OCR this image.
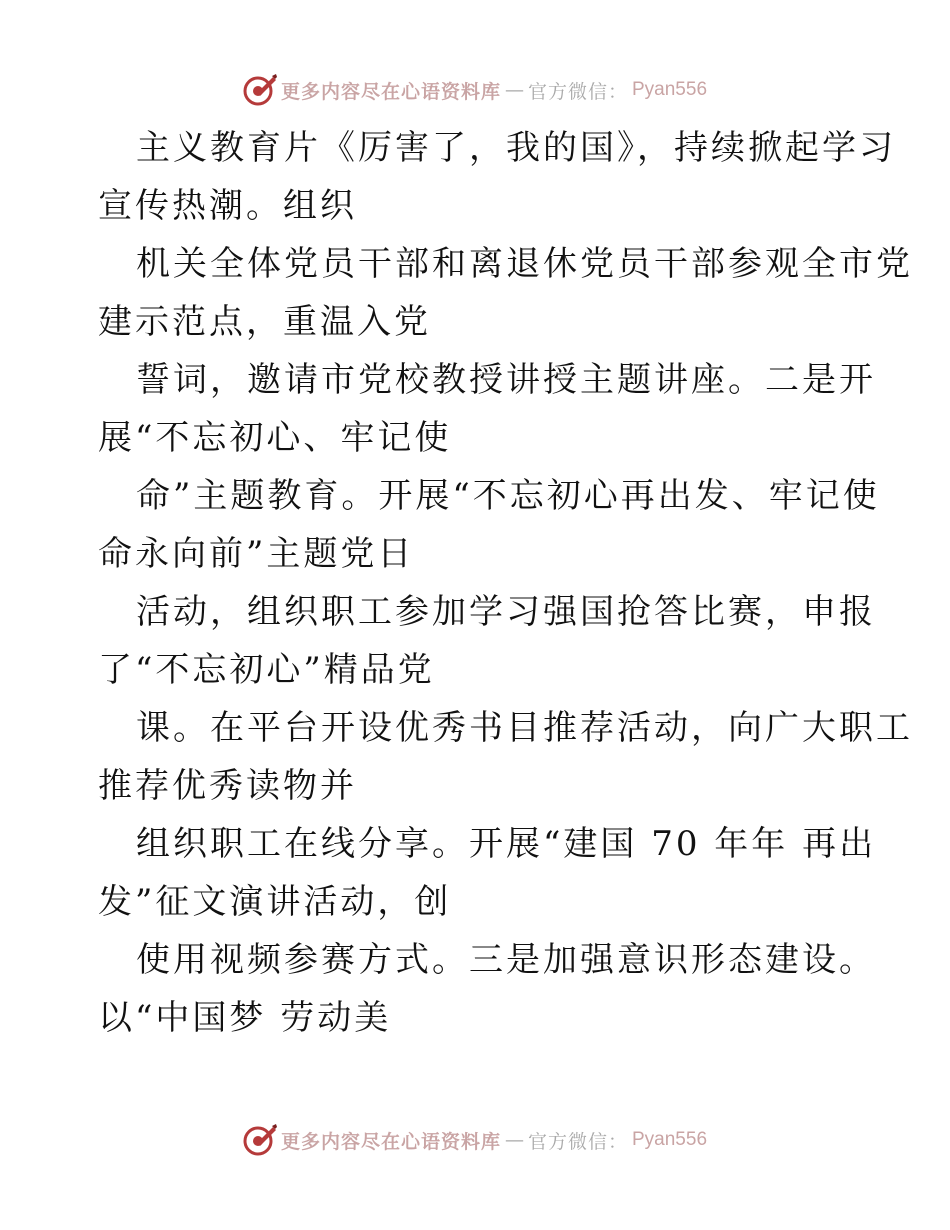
更多内容尽在心语资料库 — 官方微信： Pyan556
主义教育片《厉害了，我的国》，持续掀起学习
宣传热潮。组织
机关全体党员干部和离退休党员干部参观全市党
建示范点，重温入党
誓词，邀请市党校教授讲授主题讲座。二是开
展“不忘初心、牢记使
命”主题教育。开展“不忘初心再出发、牢记使
命永向前”主题党日
活动，组织职工参加学习强国抢答比赛，申报
了“不忘初心”精品党
课。在平台开设优秀书目推荐活动，向广大职工
推荐优秀读物并
组织职工在线分享。开展“建国 70 年年 再出
发”征文演讲活动，创
使用视频参赛方式。三是加强意识形态建设。
以“中国梦 劳动美
更多内容尽在心语资料库 — 官方微信： Pyan556
